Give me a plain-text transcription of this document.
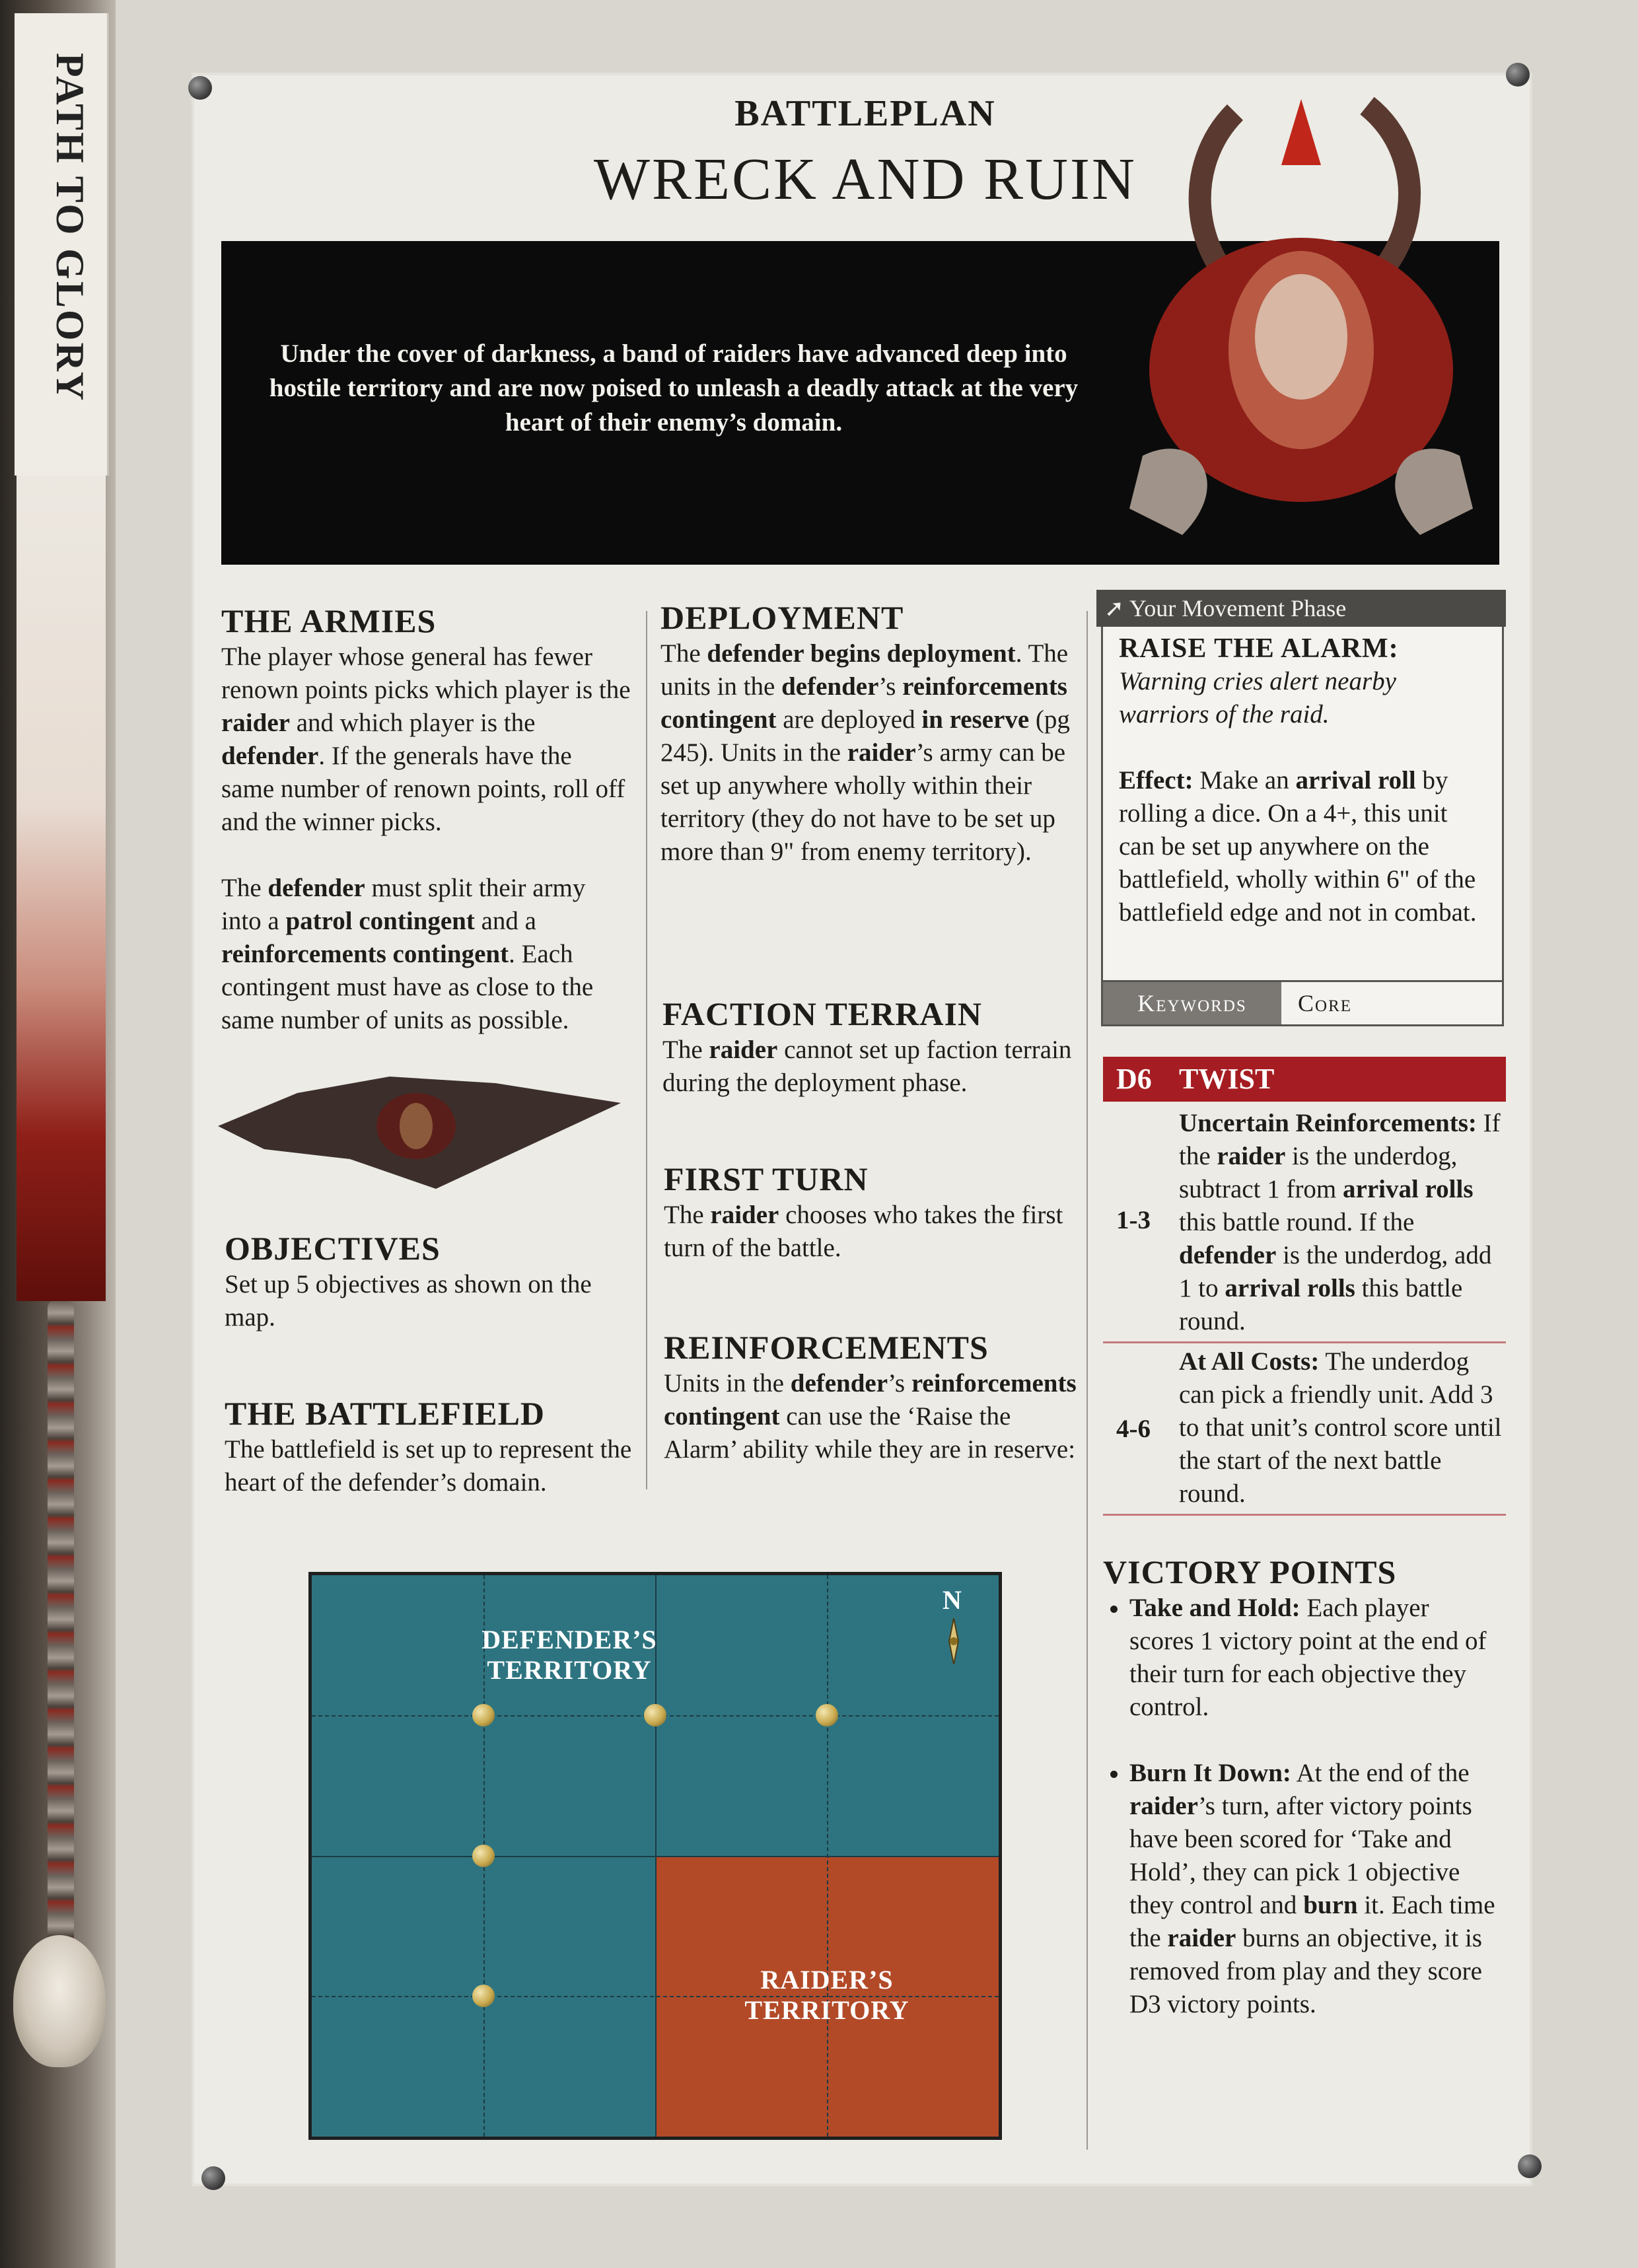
PATH TO GLORY	BATTLEPLAN
WRECK AND RUIN
Under the cover of darkness, a band of raiders have advanced deep into hostile territory and are now poised to unleash a deadly attack at the very heart of their enemy’s domain.
THE ARMIES

The player whose general has fewer renown points picks which player is the raider and which player is the defender. If the generals have the same number of renown points, roll off and the winner picks.

The defender must split their army into a patrol contingent and a reinforcements contingent. Each contingent must have as close to the same number of units as possible.

OBJECTIVES

Set up 5 objectives as shown on the map.

THE BATTLEFIELD

The battlefield is set up to represent the heart of the defender’s domain.

DEPLOYMENT

The defender begins deployment. The units in the defender’s reinforcements contingent are deployed in reserve (pg 245). Units in the raider’s army can be set up anywhere wholly within their territory (they do not have to be set up more than 9" from enemy territory).

FACTION TERRAIN

The raider cannot set up faction terrain during the deployment phase.

FIRST TURN

The raider chooses who takes the first turn of the battle.

REINFORCEMENTS

Units in the defender’s reinforcements contingent can use the ‘Raise the Alarm’ ability while they are in reserve:

➚ Your Movement Phase
RAISE THE ALARM:
Warning cries alert nearby warriors of the raid.
Effect: Make an arrival roll by rolling a dice. On a 4+, this unit can be set up anywhere on the battlefield, wholly within 6" of the battlefield edge and not in combat.
Keywords	Core
D6 TWIST
1-3
Uncertain Reinforcements: If the raider is the underdog, subtract 1 from arrival rolls this battle round. If the defender is the underdog, add 1 to arrival rolls this battle round.
4-6
At All Costs: The underdog can pick a friendly unit. Add 3 to that unit’s control score until the start of the next battle round.
VICTORY POINTS
• Take and Hold: Each player scores 1 victory point at the end of their turn for each objective they control.
• Burn It Down: At the end of the raider’s turn, after victory points have been scored for ‘Take and Hold’, they can pick 1 objective they control and burn it. Each time the raider burns an objective, it is removed from play and they score D3 victory points.
DEFENDER’S TERRITORY
RAIDER’S TERRITORY
N
